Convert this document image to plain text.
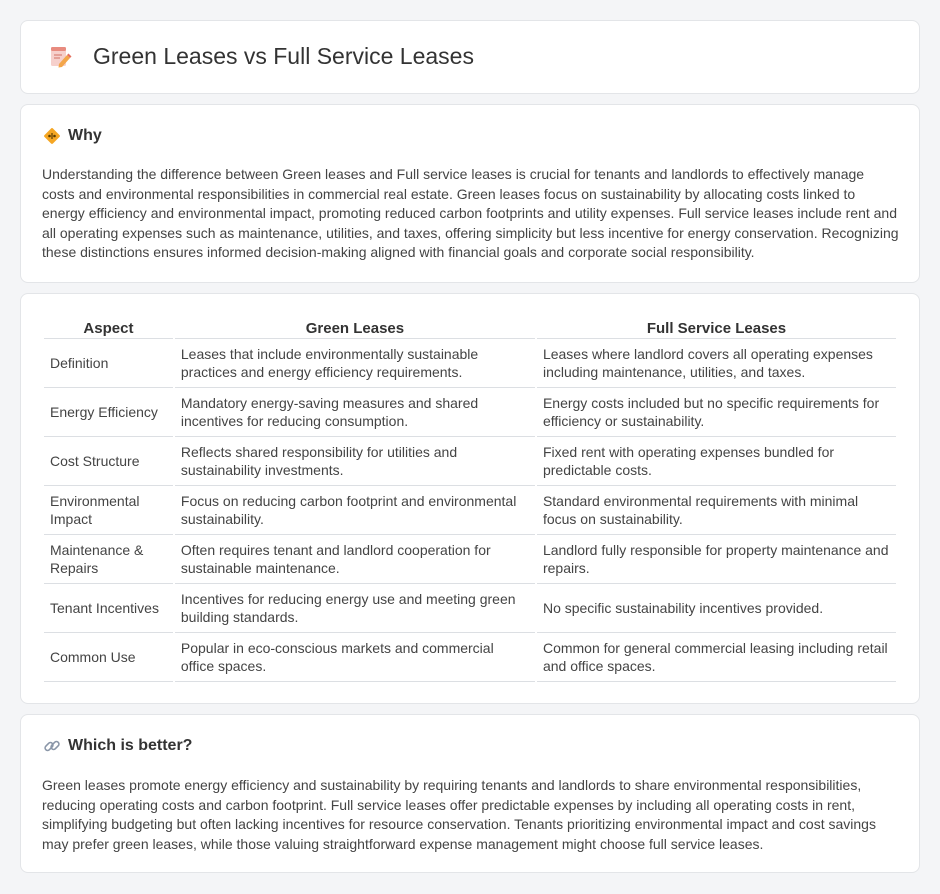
Green Leases vs Full Service Leases
Why

Understanding the difference between Green leases and Full service leases is crucial for tenants and landlords to effectively manage costs and environmental responsibilities in commercial real estate. Green leases focus on sustainability by allocating costs linked to energy efficiency and environmental impact, promoting reduced carbon footprints and utility expenses. Full service leases include rent and all operating expenses such as maintenance, utilities, and taxes, offering simplicity but less incentive for energy conservation. Recognizing these distinctions ensures informed decision-making aligned with financial goals and corporate social responsibility.

Aspect	Green Leases	Full Service Leases
Definition	Leases that include environmentally sustainable practices and energy efficiency requirements.	Leases where landlord covers all operating expenses including maintenance, utilities, and taxes.
Energy Efficiency	Mandatory energy-saving measures and shared incentives for reducing consumption.	Energy costs included but no specific requirements for efficiency or sustainability.
Cost Structure	Reflects shared responsibility for utilities and sustainability investments.	Fixed rent with operating expenses bundled for predictable costs.
Environmental Impact	Focus on reducing carbon footprint and environmental sustainability.	Standard environmental requirements with minimal focus on sustainability.
Maintenance & Repairs	Often requires tenant and landlord cooperation for sustainable maintenance.	Landlord fully responsible for property maintenance and repairs.
Tenant Incentives	Incentives for reducing energy use and meeting green building standards.	No specific sustainability incentives provided.
Common Use	Popular in eco-conscious markets and commercial office spaces.	Common for general commercial leasing including retail and office spaces.
Which is better?

Green leases promote energy efficiency and sustainability by requiring tenants and landlords to share environmental responsibilities, reducing operating costs and carbon footprint. Full service leases offer predictable expenses by including all operating costs in rent, simplifying budgeting but often lacking incentives for resource conservation. Tenants prioritizing environmental impact and cost savings may prefer green leases, while those valuing straightforward expense management might choose full service leases.
